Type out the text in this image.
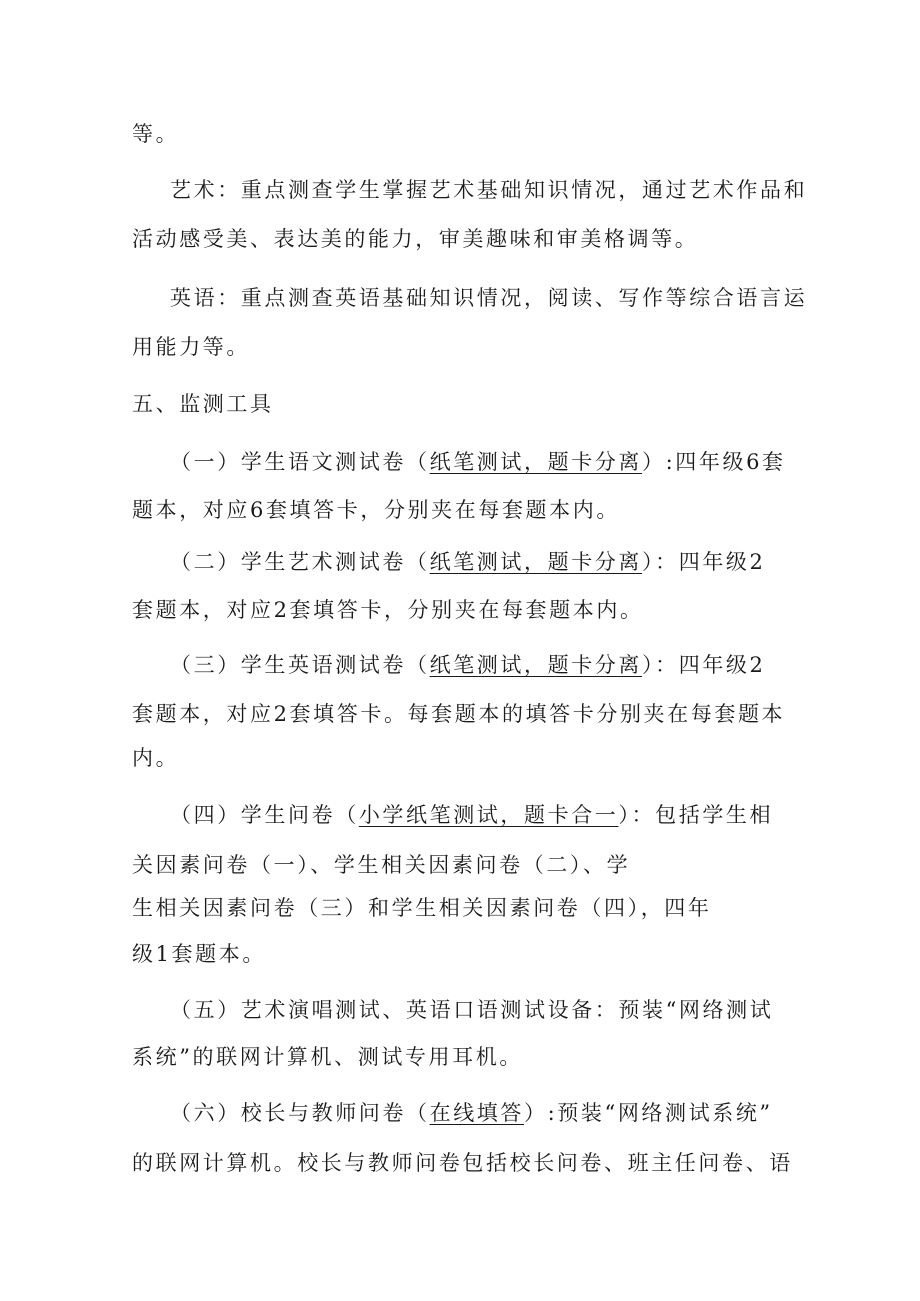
等。
艺术：重点测查学生掌握艺术基础知识情况，通过艺术作品和
活动感受美、表达美的能力，审美趣味和审美格调等。
英语：重点测查英语基础知识情况，阅读、写作等综合语言运
用能力等。
五、监测工具
（一）学生语文测试卷（纸笔测试，题卡分离）:四年级6套
题本，对应6套填答卡，分别夹在每套题本内。
（二）学生艺术测试卷（纸笔测试，题卡分离）：四年级2
套题本，对应2套填答卡，分别夹在每套题本内。
（三）学生英语测试卷（纸笔测试，题卡分离）：四年级2
套题本，对应2套填答卡。每套题本的填答卡分别夹在每套题本
内。
（四）学生问卷（小学纸笔测试，题卡合一）：包括学生相
关因素问卷（一）、学生相关因素问卷（二）、学
生相关因素问卷（三）和学生相关因素问卷（四），四年
级1套题本。
（五）艺术演唱测试、英语口语测试设备：预装“网络测试
系统”的联网计算机、测试专用耳机。
（六）校长与教师问卷（在线填答）:预装“网络测试系统”
的联网计算机。校长与教师问卷包括校长问卷、班主任问卷、语
